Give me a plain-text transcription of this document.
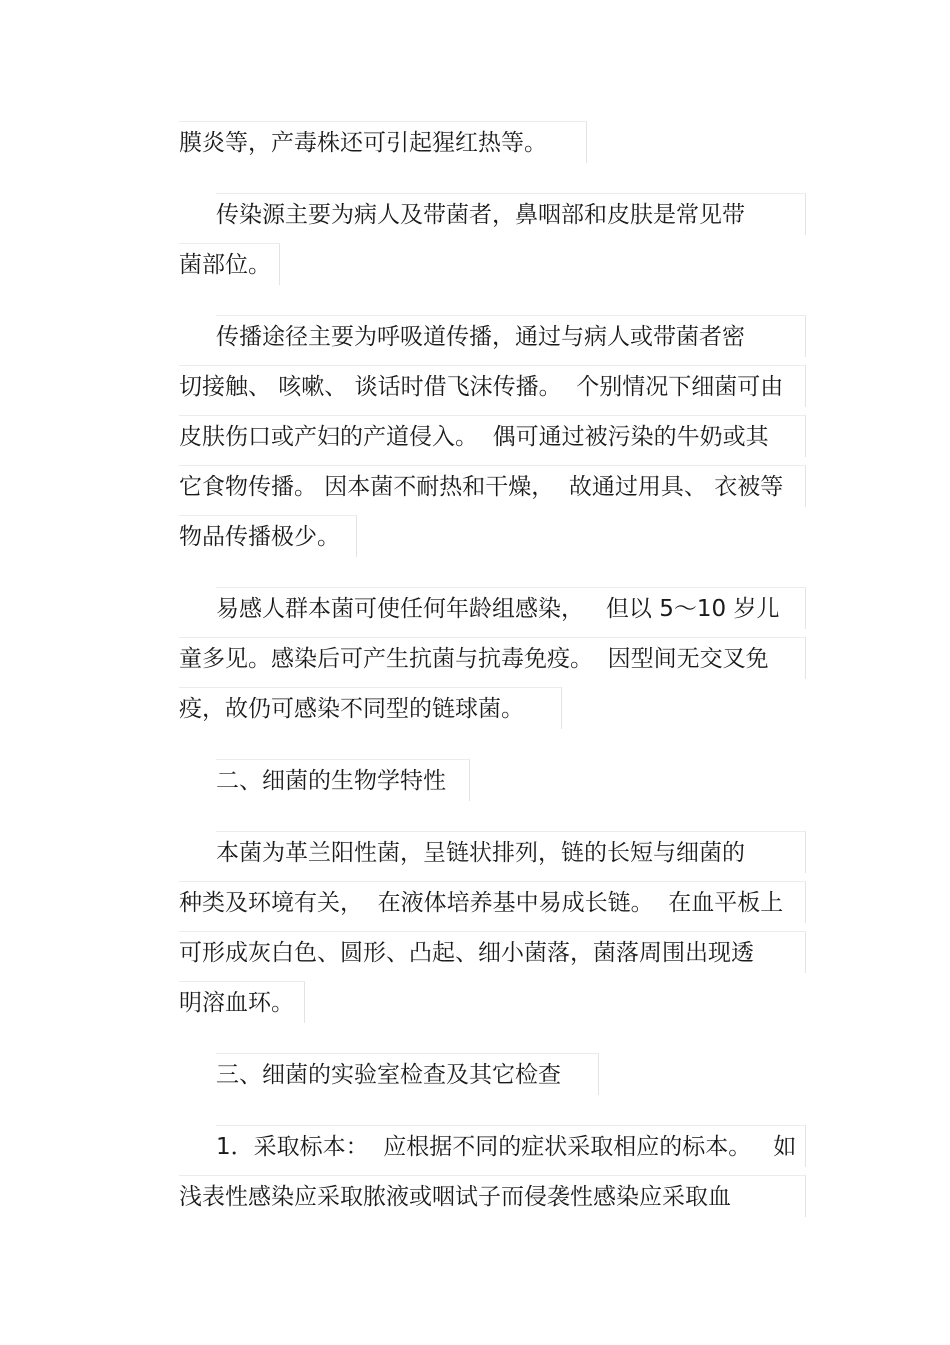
膜炎等，产毒株还可引起猩红热等。
传染源主要为病人及带菌者，鼻咽部和皮肤是常见带
菌部位。
传播途径主要为呼吸道传播，通过与病人或带菌者密
切接触、 咳嗽、 谈话时借飞沫传播。  个别情况下细菌可由
皮肤伤口或产妇的产道侵入。  偶可通过被污染的牛奶或其
它食物传播。 因本菌不耐热和干燥，  故通过用具、 衣被等
物品传播极少。
易感人群本菌可使任何年龄组感染，   但以 5～10 岁儿
童多见。感染后可产生抗菌与抗毒免疫。  因型间无交叉免
疫，故仍可感染不同型的链球菌。
二、细菌的生物学特性
本菌为革兰阳性菌，呈链状排列，链的长短与细菌的
种类及环境有关，  在液体培养基中易成长链。  在血平板上
可形成灰白色、圆形、凸起、细小菌落，菌落周围出现透
明溶血环。
三、细菌的实验室检查及其它检查
1．采取标本：  应根据不同的症状采取相应的标本。   如
浅表性感染应采取脓液或咽试子而侵袭性感染应采取血
